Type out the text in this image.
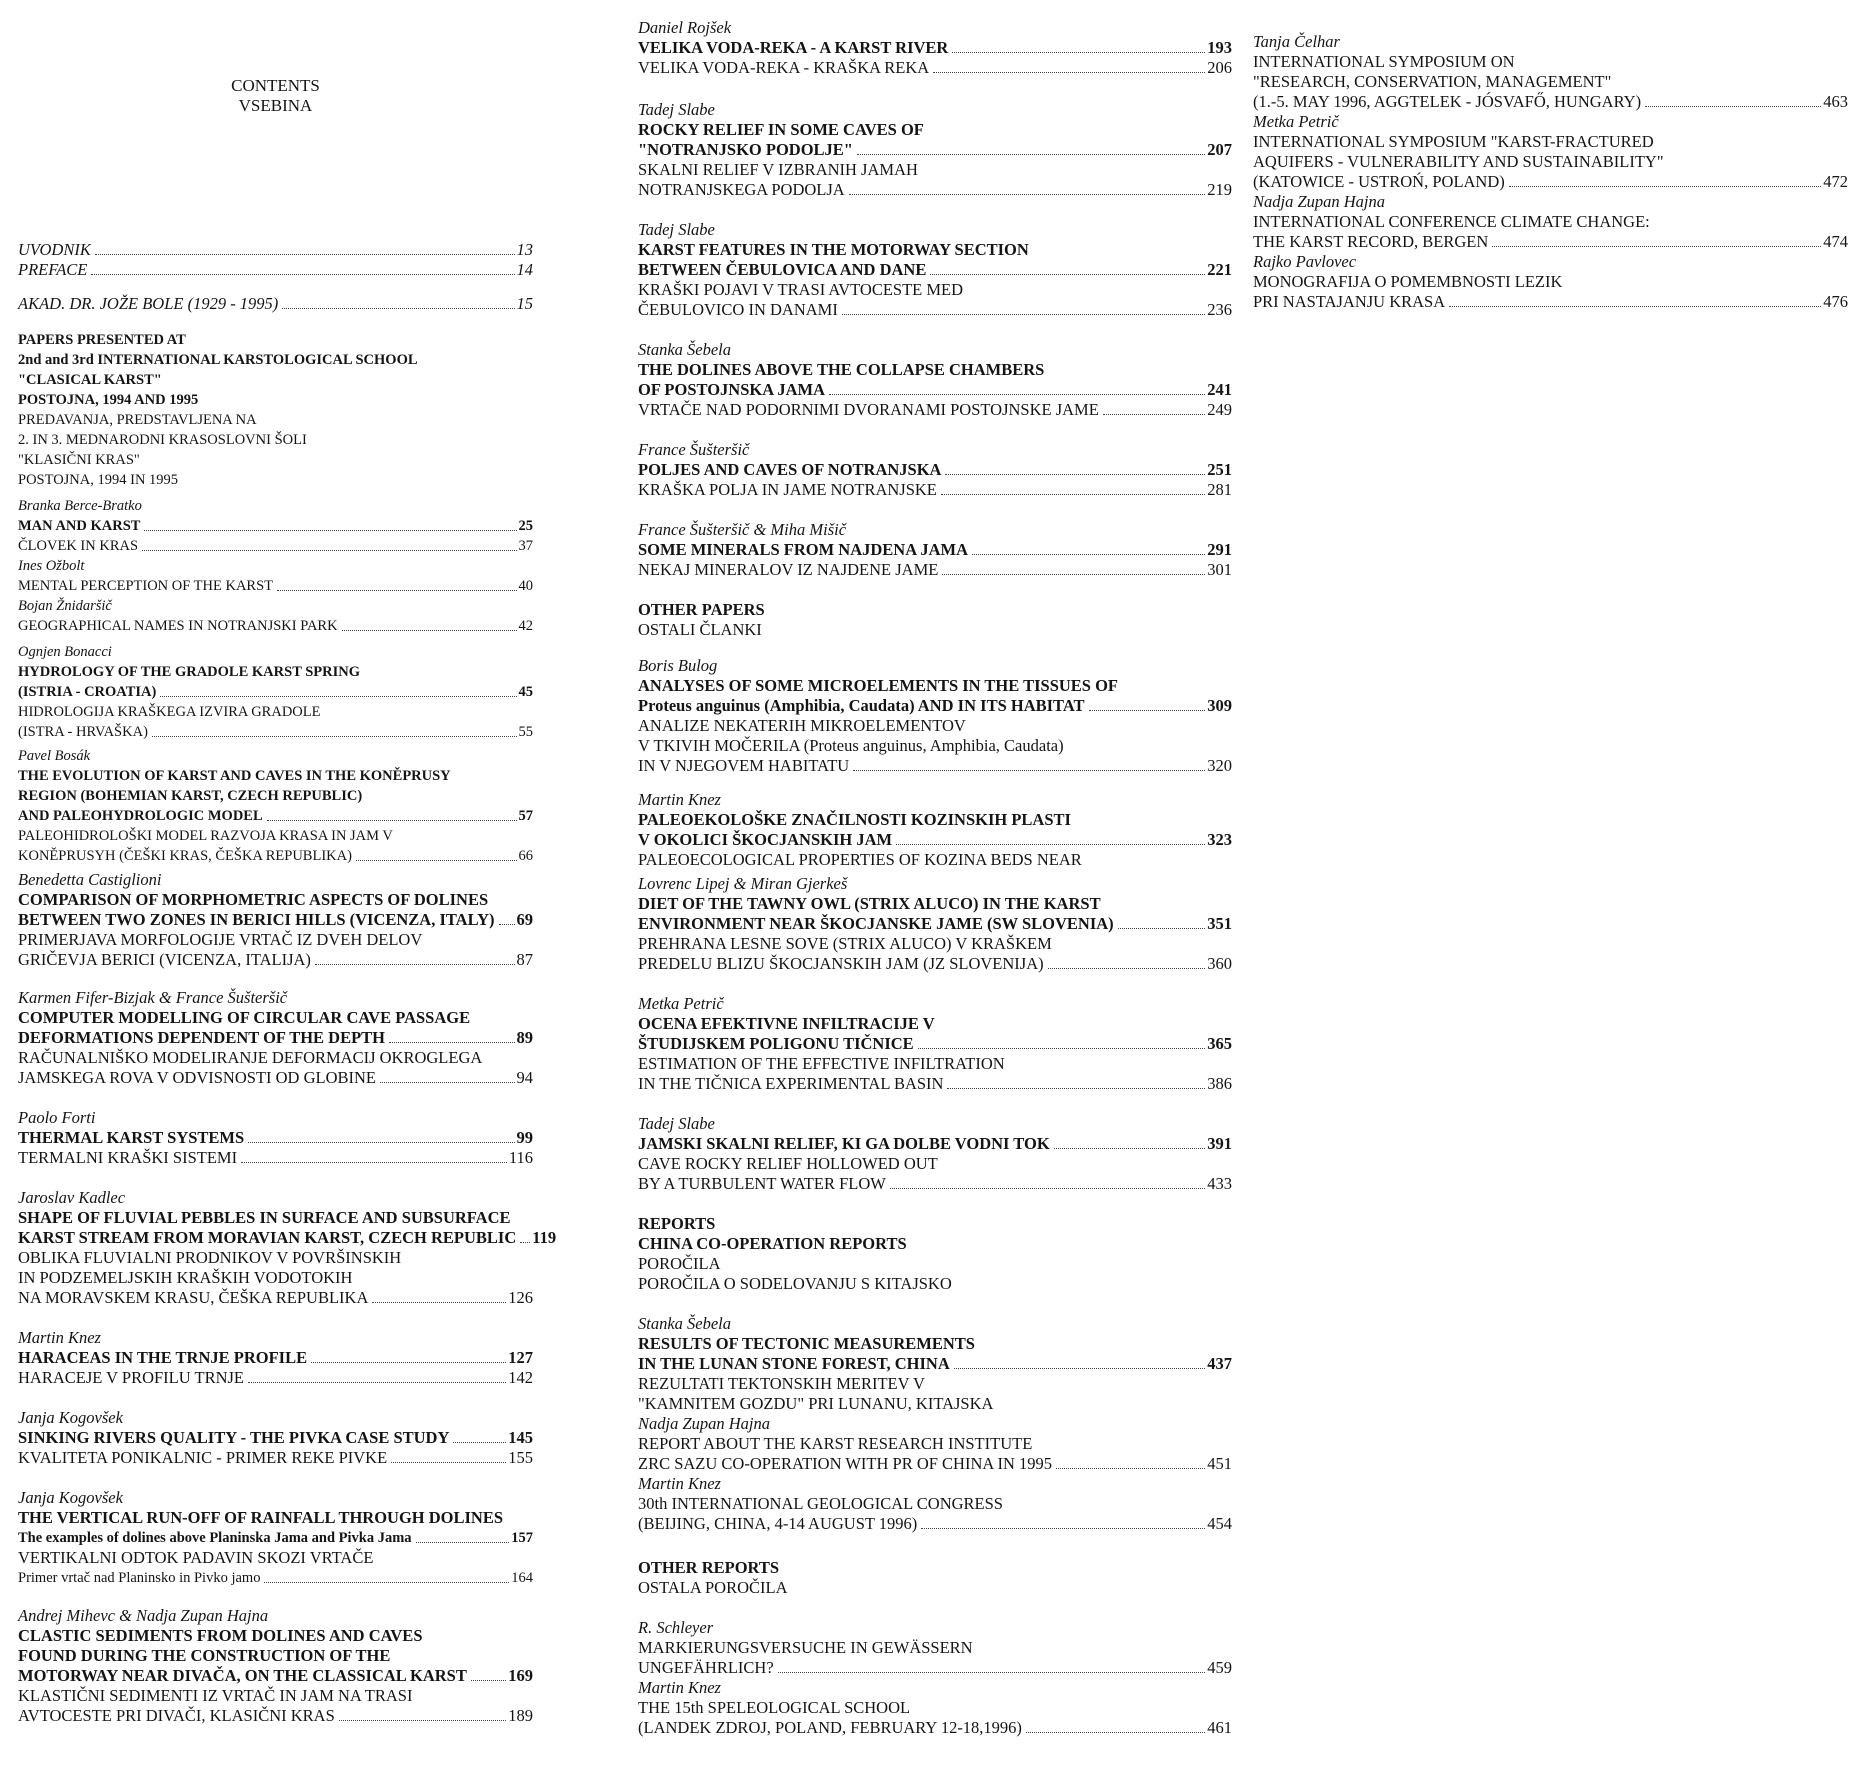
CONTENTS
VSEBINA
UVODNIK	13
PREFACE	14
AKAD. DR. JOŽE BOLE (1929 - 1995)	15
PAPERS PRESENTED AT
2nd and 3rd INTERNATIONAL KARSTOLOGICAL SCHOOL
"CLASICAL KARST"
POSTOJNA, 1994 AND 1995
PREDAVANJA, PREDSTAVLJENA NA
2. IN 3. MEDNARODNI KRASOSLOVNI ŠOLI
"KLASIČNI KRAS"
POSTOJNA, 1994 IN 1995
Branka Berce-Bratko
MAN AND KARST	25
ČLOVEK IN KRAS	37
Ines Ožbolt
MENTAL PERCEPTION OF THE KARST	40
Bojan Žnidaršič
GEOGRAPHICAL NAMES IN NOTRANJSKI PARK	42
Ognjen Bonacci
HYDROLOGY OF THE GRADOLE KARST SPRING
(ISTRIA - CROATIA)	45
HIDROLOGIJA KRAŠKEGA IZVIRA GRADOLE
(ISTRA - HRVAŠKA)	55
Pavel Bosák
THE EVOLUTION OF KARST AND CAVES IN THE KONĚPRUSY
REGION (BOHEMIAN KARST, CZECH REPUBLIC)
AND PALEOHYDROLOGIC MODEL	57
PALEOHIDROLOŠKI MODEL RAZVOJA KRASA IN JAM V
KONĚPRUSYH (ČEŠKI KRAS, ČEŠKA REPUBLIKA)	66
Benedetta Castiglioni
COMPARISON OF MORPHOMETRIC ASPECTS OF DOLINES
BETWEEN TWO ZONES IN BERICI HILLS (VICENZA, ITALY) 69
PRIMERJAVA MORFOLOGIJE VRTAČ IZ DVEH DELOV
GRIČEVJA BERICI (VICENZA, ITALIJA)	87
Karmen Fifer-Bizjak & France Šušteršič
COMPUTER MODELLING OF CIRCULAR CAVE PASSAGE
DEFORMATIONS DEPENDENT OF THE DEPTH	89
RAČUNALNIŠKO MODELIRANJE DEFORMACIJ OKROGLEGA
JAMSKEGA ROVA V ODVISNOSTI OD GLOBINE	94
Paolo Forti
THERMAL KARST SYSTEMS	99
TERMALNI KRAŠKI SISTEMI	116
Jaroslav Kadlec
SHAPE OF FLUVIAL PEBBLES IN SURFACE AND SUBSURFACE
KARST STREAM FROM MORAVIAN KARST, CZECH REPUBLIC 119
OBLIKA FLUVIALNI PRODNIKOV V POVRŠINSKIH
IN PODZEMELJSKIH KRAŠKIH VODOTOKIH
NA MORAVSKEM KRASU, ČEŠKA REPUBLIKA	126
Martin Knez
HARACEAS IN THE TRNJE PROFILE	127
HARACEJE V PROFILU TRNJE	142
Janja Kogovšek
SINKING RIVERS QUALITY - THE PIVKA CASE STUDY	145
KVALITETA PONIKALNIC - PRIMER REKE PIVKE	155
Janja Kogovšek
THE VERTICAL RUN-OFF OF RAINFALL THROUGH DOLINES
The examples of dolines above Planinska Jama and Pivka Jama	157
VERTIKALNI ODTOK PADAVIN SKOZI VRTAČE
Primer vrtač nad Planinsko in Pivko jamo	164
Andrej Mihevc & Nadja Zupan Hajna
CLASTIC SEDIMENTS FROM DOLINES AND CAVES
FOUND DURING THE CONSTRUCTION OF THE
MOTORWAY NEAR DIVAČA, ON THE CLASSICAL KARST	169
KLASTIČNI SEDIMENTI IZ VRTAČ IN JAM NA TRASI
AVTOCESTE PRI DIVAČI, KLASIČNI KRAS	189
Daniel Rojšek
VELIKA VODA-REKA - A KARST RIVER	193
VELIKA VODA-REKA - KRAŠKA REKA	206
Tadej Slabe
ROCKY RELIEF IN SOME CAVES OF
"NOTRANJSKO PODOLJE"	207
SKALNI RELIEF V IZBRANIH JAMAH
NOTRANJSKEGA PODOLJA	219
Tadej Slabe
KARST FEATURES IN THE MOTORWAY SECTION
BETWEEN ČEBULOVICA AND DANE	221
KRAŠKI POJAVI V TRASI AVTOCESTE MED
ČEBULOVICO IN DANAMI	236
Stanka Šebela
THE DOLINES ABOVE THE COLLAPSE CHAMBERS
OF POSTOJNSKA JAMA	241
VRTAČE NAD PODORNIMI DVORANAMI POSTOJNSKE JAME	249
France Šušteršič
POLJES AND CAVES OF NOTRANJSKA	251
KRAŠKA POLJA IN JAME NOTRANJSKE	281
France Šušteršič & Miha Mišič
SOME MINERALS FROM NAJDENA JAMA	291
NEKAJ MINERALOV IZ NAJDENE JAME	301
OTHER PAPERS
OSTALI ČLANKI
Boris Bulog
ANALYSES OF SOME MICROELEMENTS IN THE TISSUES OF
Proteus anguinus (Amphibia, Caudata) AND IN ITS HABITAT	309
ANALIZE NEKATERIH MIKROELEMENTOV
V TKIVIH MOČERILA (Proteus anguinus, Amphibia, Caudata)
IN V NJEGOVEM HABITATU	320
Martin Knez
PALEOEKOLOŠKE ZNAČILNOSTI KOZINSKIH PLASTI
V OKOLICI ŠKOCJANSKIH JAM	323
PALEOECOLOGICAL PROPERTIES OF KOZINA BEDS NEAR
Lovrenc Lipej & Miran Gjerkeš
DIET OF THE TAWNY OWL (STRIX ALUCO) IN THE KARST
ENVIRONMENT NEAR ŠKOCJANSKE JAME (SW SLOVENIA)	351
PREHRANA LESNE SOVE (STRIX ALUCO) V KRAŠKEM
PREDELU BLIZU ŠKOCJANSKIH JAM (JZ SLOVENIJA)	360
Metka Petrič
OCENA EFEKTIVNE INFILTRACIJE V
ŠTUDIJSKEM POLIGONU TIČNICE	365
ESTIMATION OF THE EFFECTIVE INFILTRATION
IN THE TIČNICA EXPERIMENTAL BASIN	386
Tadej Slabe
JAMSKI SKALNI RELIEF, KI GA DOLBE VODNI TOK	391
CAVE ROCKY RELIEF HOLLOWED OUT
BY A TURBULENT WATER FLOW	433
REPORTS
CHINA CO-OPERATION REPORTS
POROČILA
POROČILA O SODELOVANJU S KITAJSKO
Stanka Šebela
RESULTS OF TECTONIC MEASUREMENTS
IN THE LUNAN STONE FOREST, CHINA	437
REZULTATI TEKTONSKIH MERITEV V
"KAMNITEM GOZDU" PRI LUNANU, KITAJSKA
Nadja Zupan Hajna
REPORT ABOUT THE KARST RESEARCH INSTITUTE
ZRC SAZU CO-OPERATION WITH PR OF CHINA IN 1995	451
Martin Knez
30th INTERNATIONAL GEOLOGICAL CONGRESS
(BEIJING, CHINA, 4-14 AUGUST 1996)	454
OTHER REPORTS
OSTALA POROČILA
R. Schleyer
MARKIERUNGSVERSUCHE IN GEWÄSSERN
UNGEFÄHRLICH?	459
Martin Knez
THE 15th SPELEOLOGICAL SCHOOL
(LANDEK ZDROJ, POLAND, FEBRUARY 12-18,1996)	461
Tanja Čelhar
INTERNATIONAL SYMPOSIUM ON
"RESEARCH, CONSERVATION, MANAGEMENT"
(1.-5. MAY 1996, AGGTELEK - JÓSVAFŐ, HUNGARY)	463
Metka Petrič
INTERNATIONAL SYMPOSIUM "KARST-FRACTURED
AQUIFERS - VULNERABILITY AND SUSTAINABILITY"
(KATOWICE - USTROŃ, POLAND)	472
Nadja Zupan Hajna
INTERNATIONAL CONFERENCE CLIMATE CHANGE:
THE KARST RECORD, BERGEN	474
Rajko Pavlovec
MONOGRAFIJA O POMEMBNOSTI LEZIK
PRI NASTAJANJU KRASA	476
